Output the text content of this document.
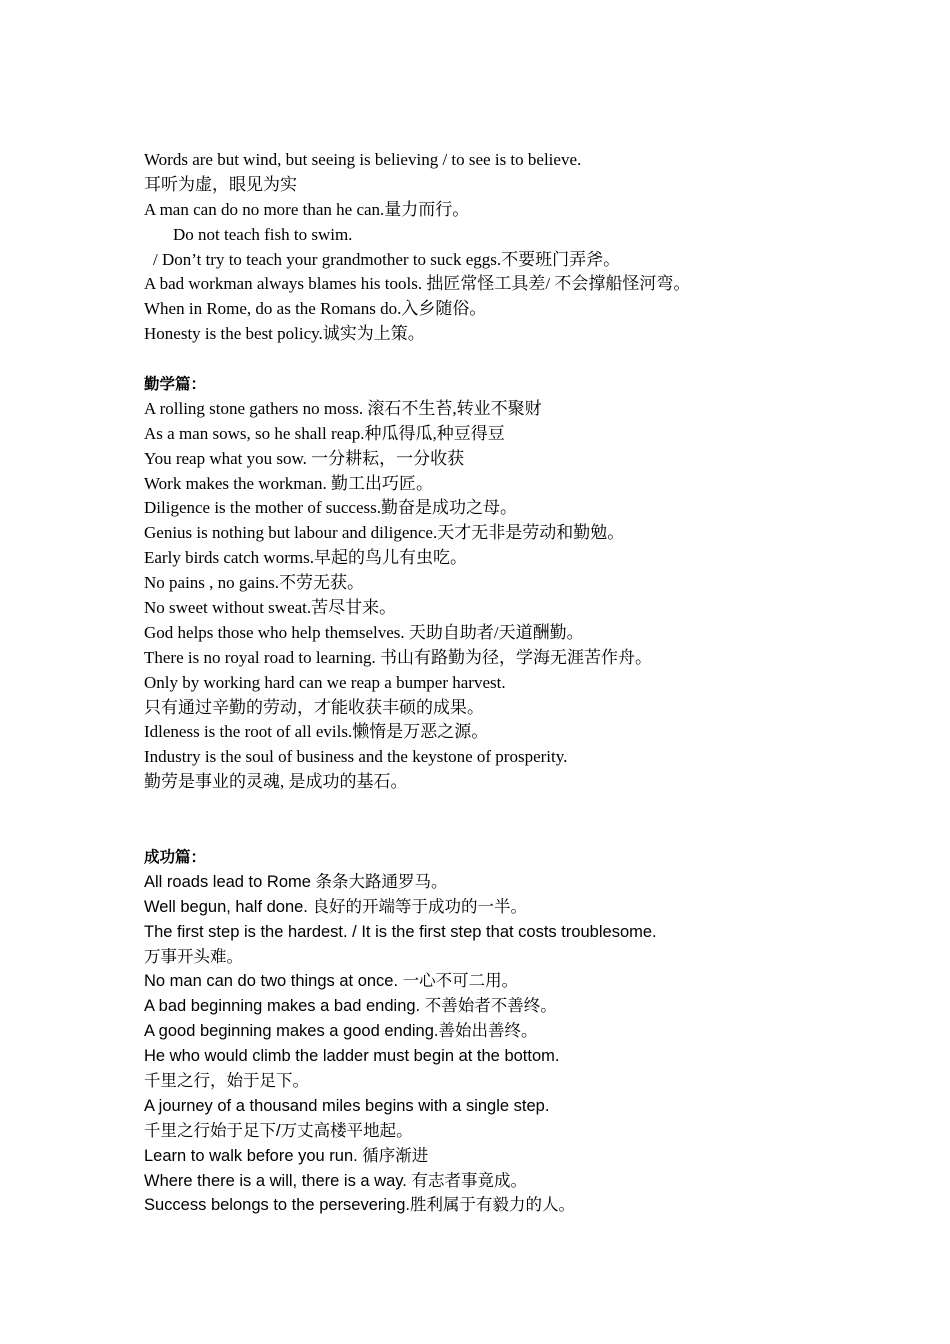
Words are but wind, but seeing is believing / to see is to believe.
耳听为虚，眼见为实
A man can do no more than he can.量力而行。
Do not teach fish to swim.
/ Don’t try to teach your grandmother to suck eggs.不要班门弄斧。
A bad workman always blames his tools. 拙匠常怪工具差/ 不会撑船怪河弯。
When in Rome, do as the Romans do.入乡随俗。
Honesty is the best policy.诚实为上策。
勤学篇：
A rolling stone gathers no moss. 滚石不生苔,转业不聚财
As a man sows, so he shall reap.种瓜得瓜,种豆得豆
You reap what you sow. 一分耕耘，一分收获
Work makes the workman. 勤工出巧匠。
Diligence is the mother of success.勤奋是成功之母。
Genius is nothing but labour and diligence.天才无非是劳动和勤勉。
Early birds catch worms.早起的鸟儿有虫吃。
No pains , no gains.不劳无获。
No sweet without sweat.苦尽甘来。
God helps those who help themselves. 天助自助者/天道酬勤。
There is no royal road to learning. 书山有路勤为径，学海无涯苦作舟。
Only by working hard can we reap a bumper harvest.
只有通过辛勤的劳动，才能收获丰硕的成果。
Idleness is the root of all evils.懒惰是万恶之源。
Industry is the soul of business and the keystone of prosperity.
勤劳是事业的灵魂, 是成功的基石。
成功篇：
All roads lead to Rome 条条大路通罗马。
Well begun, half done. 良好的开端等于成功的一半。
The first step is the hardest. / It is the first step that costs troublesome.
万事开头难。
No man can do two things at once. 一心不可二用。
A bad beginning makes a bad ending. 不善始者不善终。
A good beginning makes a good ending.善始出善终。
He who would climb the ladder must begin at the bottom.
千里之行，始于足下。
A journey of a thousand miles begins with a single step.
千里之行始于足下/万丈高楼平地起。
Learn to walk before you run. 循序渐进
Where there is a will, there is a way. 有志者事竟成。
Success belongs to the persevering.胜利属于有毅力的人。
